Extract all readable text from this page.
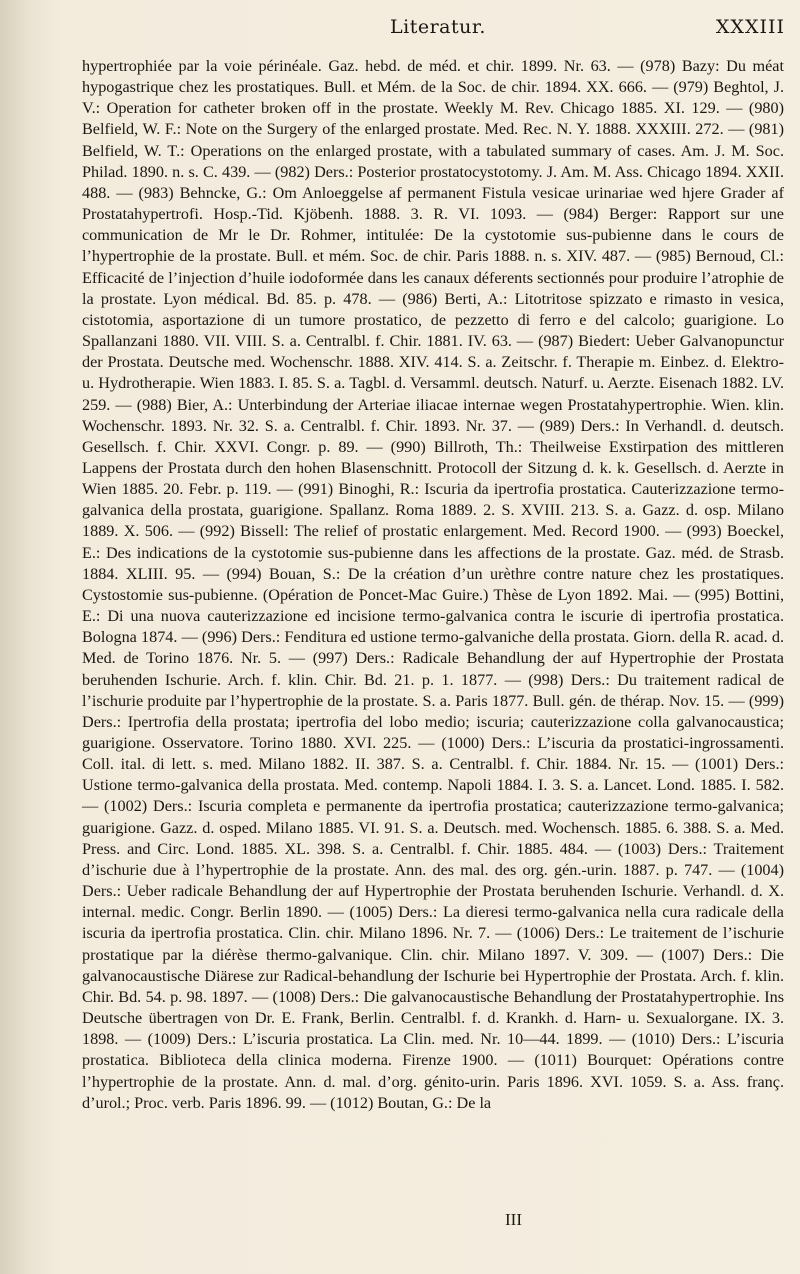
Literatur.	XXXIII

hypertrophiée par la voie périnéale. Gaz. hebd. de méd. et chir. 1899. Nr. 63. — (978) Bazy: Du méat hypogastrique chez les prostatiques. Bull. et Mém. de la Soc. de chir. 1894. XX. 666. — (979) Beghtol, J. V.: Operation for catheter broken off in the prostate. Weekly M. Rev. Chicago 1885. XI. 129. — (980) Belfield, W. F.: Note on the Surgery of the enlarged prostate. Med. Rec. N. Y. 1888. XXXIII. 272. — (981) Belfield, W. T.: Operations on the enlarged prostate, with a tabulated summary of cases. Am. J. M. Soc. Philad. 1890. n. s. C. 439. — (982) Ders.: Posterior prostatocystotomy. J. Am. M. Ass. Chicago 1894. XXII. 488. — (983) Behncke, G.: Om Anloeggelse af permanent Fistula vesicae urinariae wed hjere Grader af Prostatahypertrofi. Hosp.-Tid. Kjöbenh. 1888. 3. R. VI. 1093. — (984) Berger: Rapport sur une communication de Mr le Dr. Rohmer, intitulée: De la cystotomie sus-pubienne dans le cours de l’hypertrophie de la prostate. Bull. et mém. Soc. de chir. Paris 1888. n. s. XIV. 487. — (985) Bernoud, Cl.: Efficacité de l’injection d’huile iodoformée dans les canaux déferents sectionnés pour produire l’atrophie de la prostate. Lyon médical. Bd. 85. p. 478. — (986) Berti, A.: Litotritose spizzato e rimasto in vesica, cistotomia, asportazione di un tumore prostatico, de pezzetto di ferro e del calcolo; guarigione. Lo Spallanzani 1880. VII. VIII. S. a. Centralbl. f. Chir. 1881. IV. 63. — (987) Biedert: Ueber Galvanopunctur der Prostata. Deutsche med. Wochenschr. 1888. XIV. 414. S. a. Zeitschr. f. Therapie m. Einbez. d. Elektro- u. Hydrotherapie. Wien 1883. I. 85. S. a. Tagbl. d. Versamml. deutsch. Naturf. u. Aerzte. Eisenach 1882. LV. 259. — (988) Bier, A.: Unterbindung der Arteriae iliacae internae wegen Prostatahypertrophie. Wien. klin. Wochenschr. 1893. Nr. 32. S. a. Centralbl. f. Chir. 1893. Nr. 37. — (989) Ders.: In Verhandl. d. deutsch. Gesellsch. f. Chir. XXVI. Congr. p. 89. — (990) Billroth, Th.: Theilweise Exstirpation des mittleren Lappens der Prostata durch den hohen Blasenschnitt. Protocoll der Sitzung d. k. k. Gesellsch. d. Aerzte in Wien 1885. 20. Febr. p. 119. — (991) Binoghi, R.: Iscuria da ipertrofia prostatica. Cauterizzazione termo-galvanica della prostata, guarigione. Spallanz. Roma 1889. 2. S. XVIII. 213. S. a. Gazz. d. osp. Milano 1889. X. 506. — (992) Bissell: The relief of prostatic enlargement. Med. Record 1900. — (993) Boeckel, E.: Des indications de la cystotomie sus-pubienne dans les affections de la prostate. Gaz. méd. de Strasb. 1884. XLIII. 95. — (994) Bouan, S.: De la création d’un urèthre contre nature chez les prostatiques. Cystostomie sus-pubienne. (Opération de Poncet-Mac Guire.) Thèse de Lyon 1892. Mai. — (995) Bottini, E.: Di una nuova cauterizzazione ed incisione termo-galvanica contra le iscurie di ipertrofia prostatica. Bologna 1874. — (996) Ders.: Fenditura ed ustione termo-galvaniche della prostata. Giorn. della R. acad. d. Med. de Torino 1876. Nr. 5. — (997) Ders.: Radicale Behandlung der auf Hypertrophie der Prostata beruhenden Ischurie. Arch. f. klin. Chir. Bd. 21. p. 1. 1877. — (998) Ders.: Du traitement radical de l’ischurie produite par l’hypertrophie de la prostate. S. a. Paris 1877. Bull. gén. de thérap. Nov. 15. — (999) Ders.: Ipertrofia della prostata; ipertrofia del lobo medio; iscuria; cauterizzazione colla galvanocaustica; guarigione. Osservatore. Torino 1880. XVI. 225. — (1000) Ders.: L’iscuria da prostatici-ingrossamenti. Coll. ital. di lett. s. med. Milano 1882. II. 387. S. a. Centralbl. f. Chir. 1884. Nr. 15. — (1001) Ders.: Ustione termo-galvanica della prostata. Med. contemp. Napoli 1884. I. 3. S. a. Lancet. Lond. 1885. I. 582. — (1002) Ders.: Iscuria completa e permanente da ipertrofia prostatica; cauterizzazione termo-galvanica; guarigione. Gazz. d. osped. Milano 1885. VI. 91. S. a. Deutsch. med. Wochensch. 1885. 6. 388. S. a. Med. Press. and Circ. Lond. 1885. XL. 398. S. a. Centralbl. f. Chir. 1885. 484. — (1003) Ders.: Traitement d’ischurie due à l’hypertrophie de la prostate. Ann. des mal. des org. gén.-urin. 1887. p. 747. — (1004) Ders.: Ueber radicale Behandlung der auf Hypertrophie der Prostata beruhenden Ischurie. Verhandl. d. X. internal. medic. Congr. Berlin 1890. — (1005) Ders.: La dieresi termo-galvanica nella cura radicale della iscuria da ipertrofia prostatica. Clin. chir. Milano 1896. Nr. 7. — (1006) Ders.: Le traitement de l’ischurie prostatique par la diérèse thermo-galvanique. Clin. chir. Milano 1897. V. 309. — (1007) Ders.: Die galvanocaustische Diärese zur Radical-behandlung der Ischurie bei Hypertrophie der Prostata. Arch. f. klin. Chir. Bd. 54. p. 98. 1897. — (1008) Ders.: Die galvanocaustische Behandlung der Prostatahypertrophie. Ins Deutsche übertragen von Dr. E. Frank, Berlin. Centralbl. f. d. Krankh. d. Harn- u. Sexualorgane. IX. 3. 1898. — (1009) Ders.: L’iscuria prostatica. La Clin. med. Nr. 10—44. 1899. — (1010) Ders.: L’iscuria prostatica. Biblioteca della clinica moderna. Firenze 1900. — (1011) Bourquet: Opérations contre l’hypertrophie de la prostate. Ann. d. mal. d’org. génito-urin. Paris 1896. XVI. 1059. S. a. Ass. franç. d’urol.; Proc. verb. Paris 1896. 99. — (1012) Boutan, G.: De la

III
